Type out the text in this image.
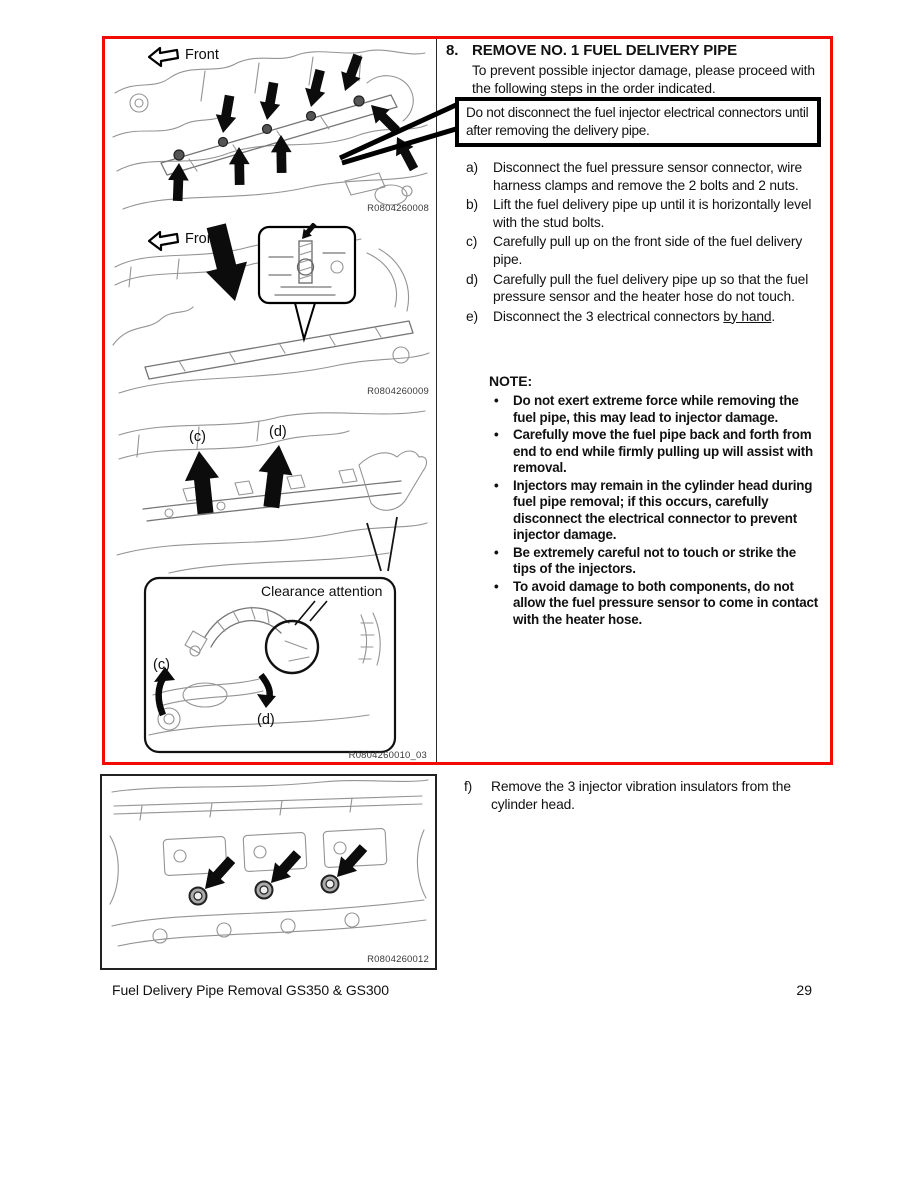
Front
R0804260008
Front
R0804260009
(c)	(d)
Clearance attention
(c)
(d)
R0804260010_03
8. REMOVE NO. 1 FUEL DELIVERY PIPE
To prevent possible injector damage, please proceed with the following steps in the order indicated.
Do not disconnect the fuel injector electrical connectors until after removing the delivery pipe.
a)	Disconnect the fuel pressure sensor connector, wire harness clamps and remove the 2 bolts and 2 nuts.
b)	Lift the fuel delivery pipe up until it is horizontally level with the stud bolts.
c)	Carefully pull up on the front side of the fuel delivery pipe.
d)	Carefully pull the fuel delivery pipe up so that the fuel pressure sensor and the heater hose do not touch.
e)	Disconnect the 3 electrical connectors by hand.
NOTE:
• Do not exert extreme force while removing the fuel pipe, this may lead to injector damage.
• Carefully move the fuel pipe back and forth from end to end while firmly pulling up will assist with removal.
• Injectors may remain in the cylinder head during fuel pipe removal; if this occurs, carefully disconnect the electrical connector to prevent injector damage.
• Be extremely careful not to touch or strike the tips of the injectors.
• To avoid damage to both components, do not allow the fuel pressure sensor to come in contact with the heater hose.
f)	Remove the 3 injector vibration insulators from the cylinder head.
R0804260012
Fuel Delivery Pipe Removal GS350 & GS300	29
